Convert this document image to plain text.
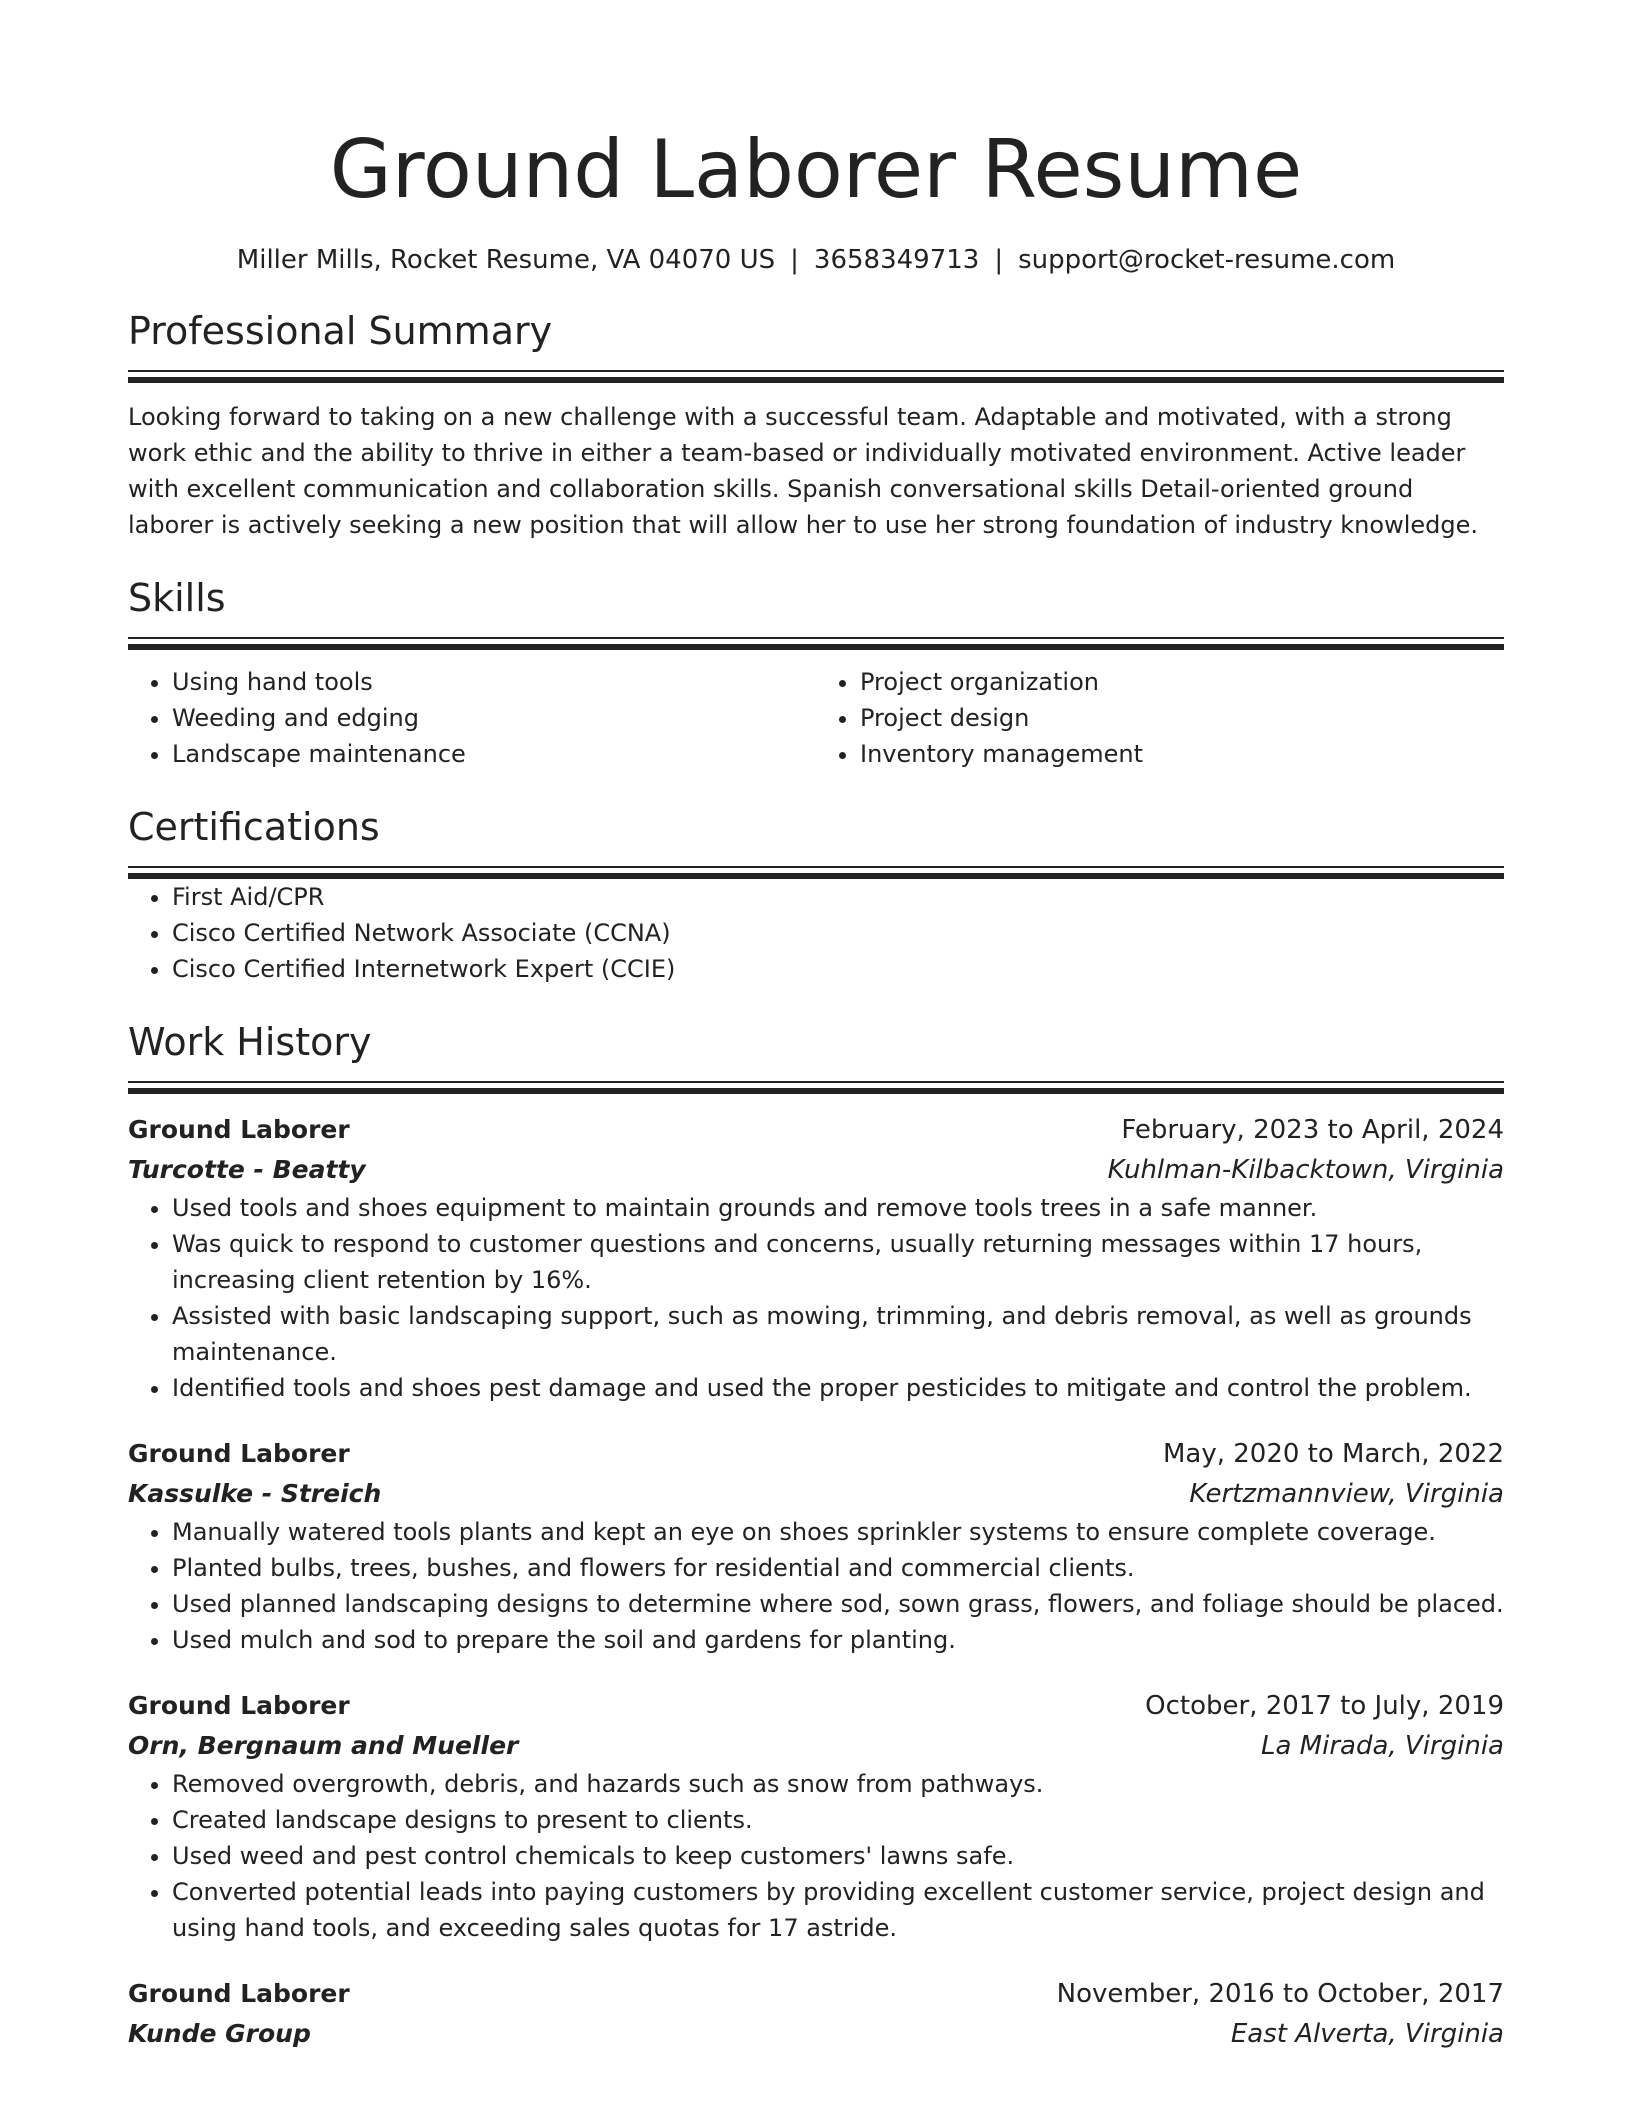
Ground Laborer Resume
Miller Mills, Rocket Resume, VA 04070 US | 3658349713 | support@rocket-resume.com
Professional Summary

Looking forward to taking on a new challenge with a successful team. Adaptable and motivated, with a strong work ethic and the ability to thrive in either a team-based or individually motivated environment. Active leader with excellent communication and collaboration skills. Spanish conversational skills Detail-oriented ground laborer is actively seeking a new position that will allow her to use her strong foundation of industry knowledge.

Skills
• Using hand tools
• Weeding and edging
• Landscape maintenance
• Project organization
• Project design
• Inventory management
Certifications
• First Aid/CPR
• Cisco Certified Network Associate (CCNA)
• Cisco Certified Internetwork Expert (CCIE)
Work History
Ground Laborer	February, 2023 to April, 2024
Turcotte - Beatty	Kuhlman-Kilbacktown, Virginia
• Used tools and shoes equipment to maintain grounds and remove tools trees in a safe manner.
• Was quick to respond to customer questions and concerns, usually returning messages within 17 hours, increasing client retention by 16%.
• Assisted with basic landscaping support, such as mowing, trimming, and debris removal, as well as grounds maintenance.
• Identified tools and shoes pest damage and used the proper pesticides to mitigate and control the problem.
Ground Laborer	May, 2020 to March, 2022
Kassulke - Streich	Kertzmannview, Virginia
• Manually watered tools plants and kept an eye on shoes sprinkler systems to ensure complete coverage.
• Planted bulbs, trees, bushes, and flowers for residential and commercial clients.
• Used planned landscaping designs to determine where sod, sown grass, flowers, and foliage should be placed.
• Used mulch and sod to prepare the soil and gardens for planting.
Ground Laborer	October, 2017 to July, 2019
Orn, Bergnaum and Mueller	La Mirada, Virginia
• Removed overgrowth, debris, and hazards such as snow from pathways.
• Created landscape designs to present to clients.
• Used weed and pest control chemicals to keep customers' lawns safe.
• Converted potential leads into paying customers by providing excellent customer service, project design and using hand tools, and exceeding sales quotas for 17 astride.
Ground Laborer	November, 2016 to October, 2017
Kunde Group	East Alverta, Virginia
